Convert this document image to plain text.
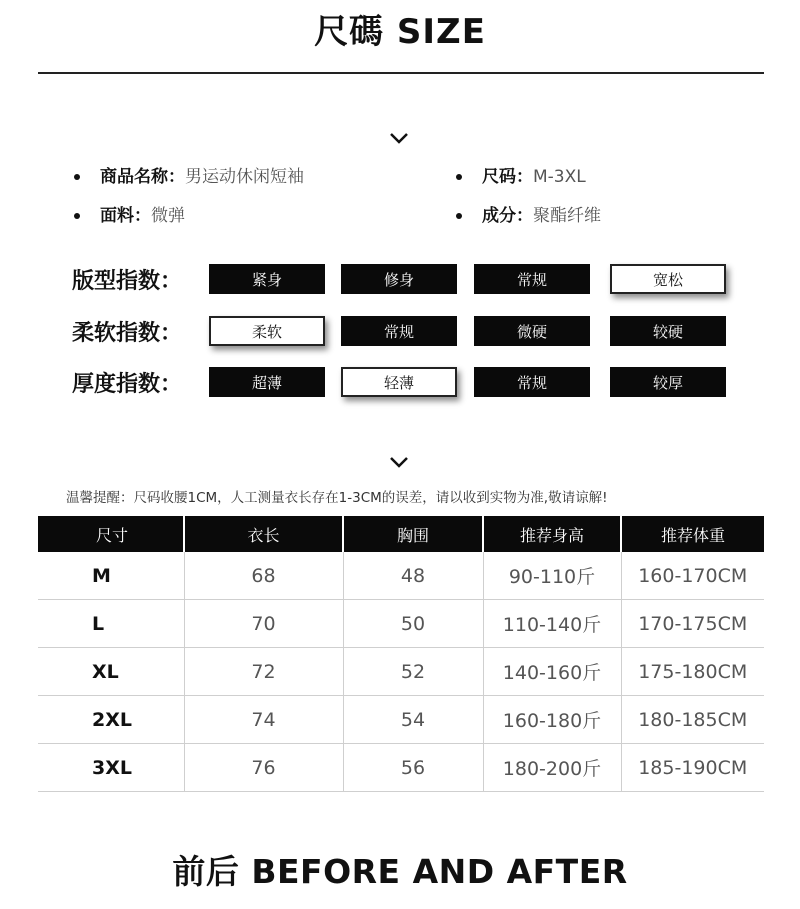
尺碼 SIZE
商品名称：男运动休闲短袖	尺码：M-3XL
面料：微弹	成分：聚酯纤维
版型指数：	紧身	修身	常规	宽松
柔软指数：	柔软	常规	微硬	较硬
厚度指数：	超薄	轻薄	常规	较厚
温馨提醒：尺码收腰1CM，人工测量衣长存在1-3CM的误差，请以收到实物为准,敬请谅解!
尺寸	衣长	胸围	推荐身高	推荐体重
M	68	48	90-110斤	160-170CM
L	70	50	110-140斤	170-175CM
XL	72	52	140-160斤	175-180CM
2XL	74	54	160-180斤	180-185CM
3XL	76	56	180-200斤	185-190CM
前后 BEFORE AND AFTER
